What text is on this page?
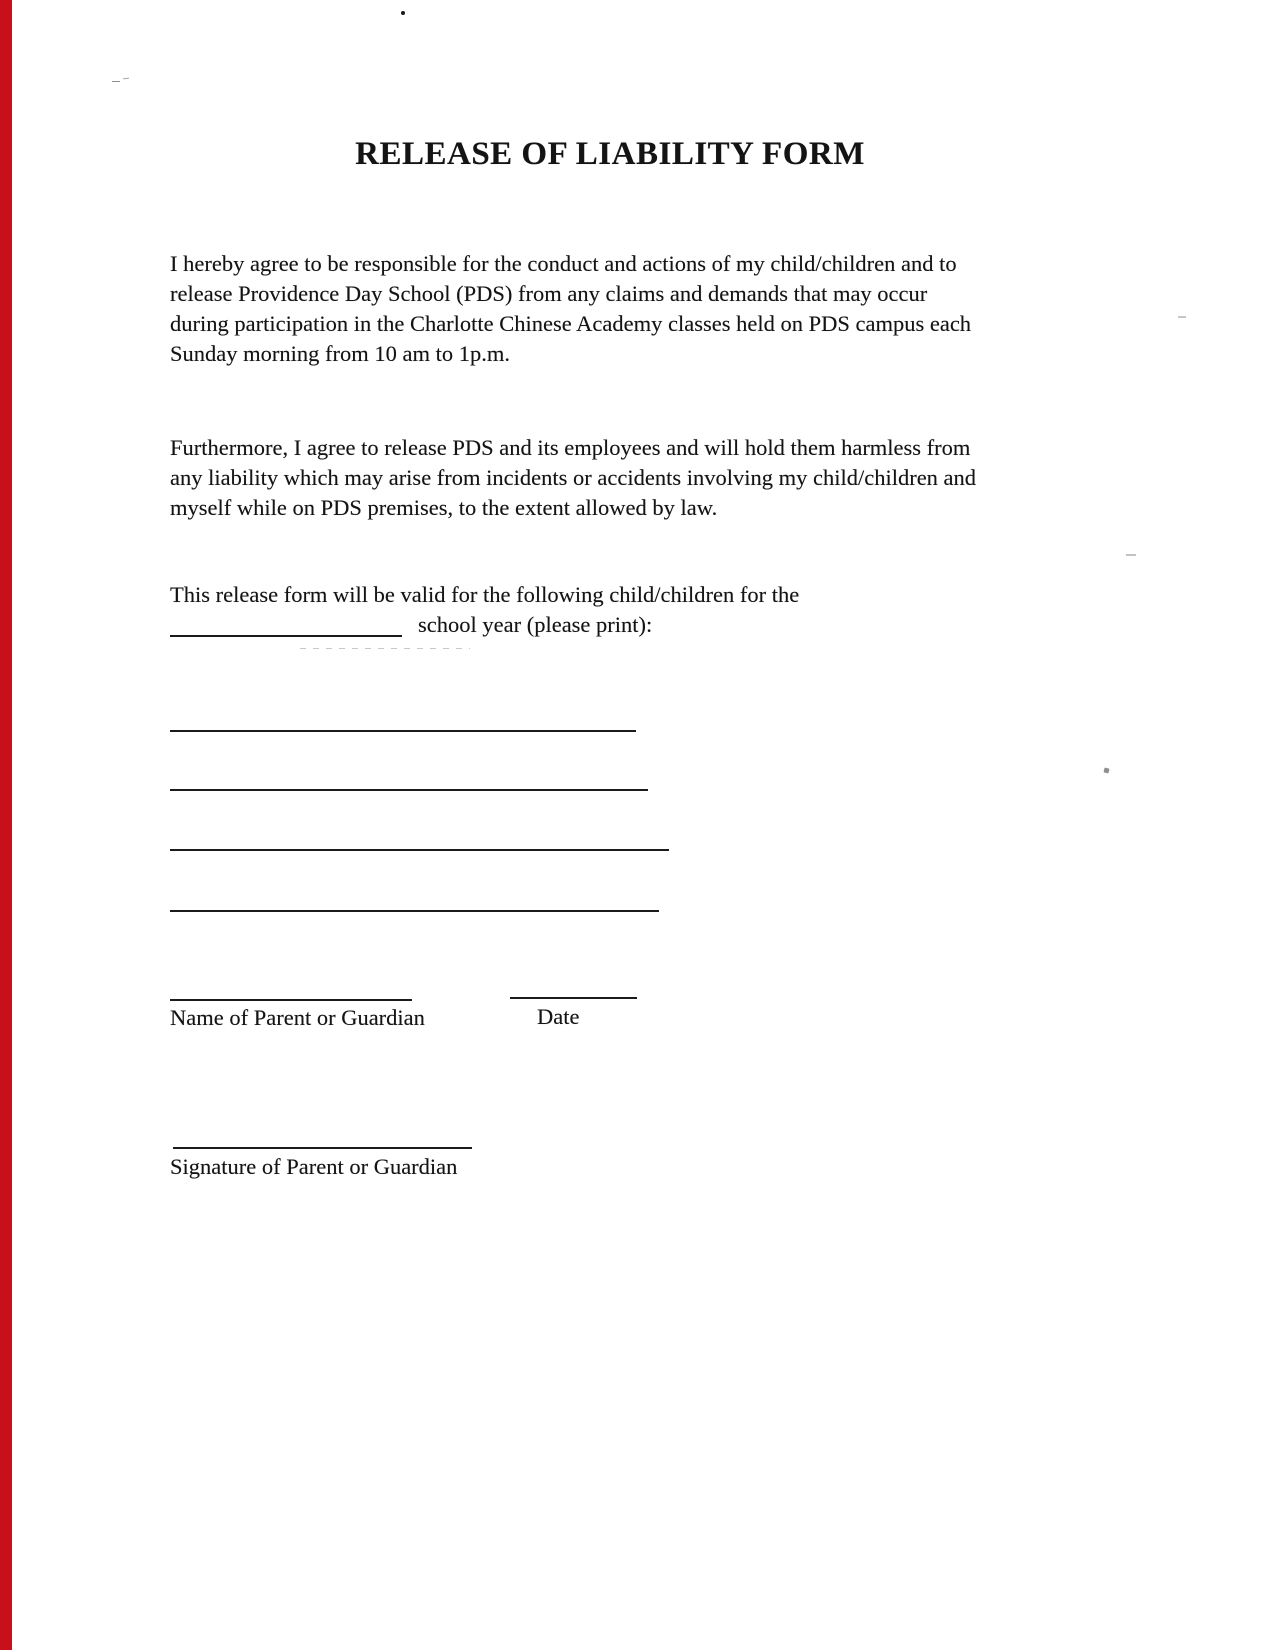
RELEASE OF LIABILITY FORM
I hereby agree to be responsible for the conduct and actions of my child/children and to
release Providence Day School (PDS) from any claims and demands that may occur
during participation in the Charlotte Chinese Academy classes held on PDS campus each
Sunday morning from 10 am to 1p.m.
Furthermore, I agree to release PDS and its employees and will hold them harmless from
any liability which may arise from incidents or accidents involving my child/children and
myself while on PDS premises, to the extent allowed by law.
This release form will be valid for the following child/children for the
school year (please print):
Name of Parent or Guardian	Date
Signature of Parent or Guardian
